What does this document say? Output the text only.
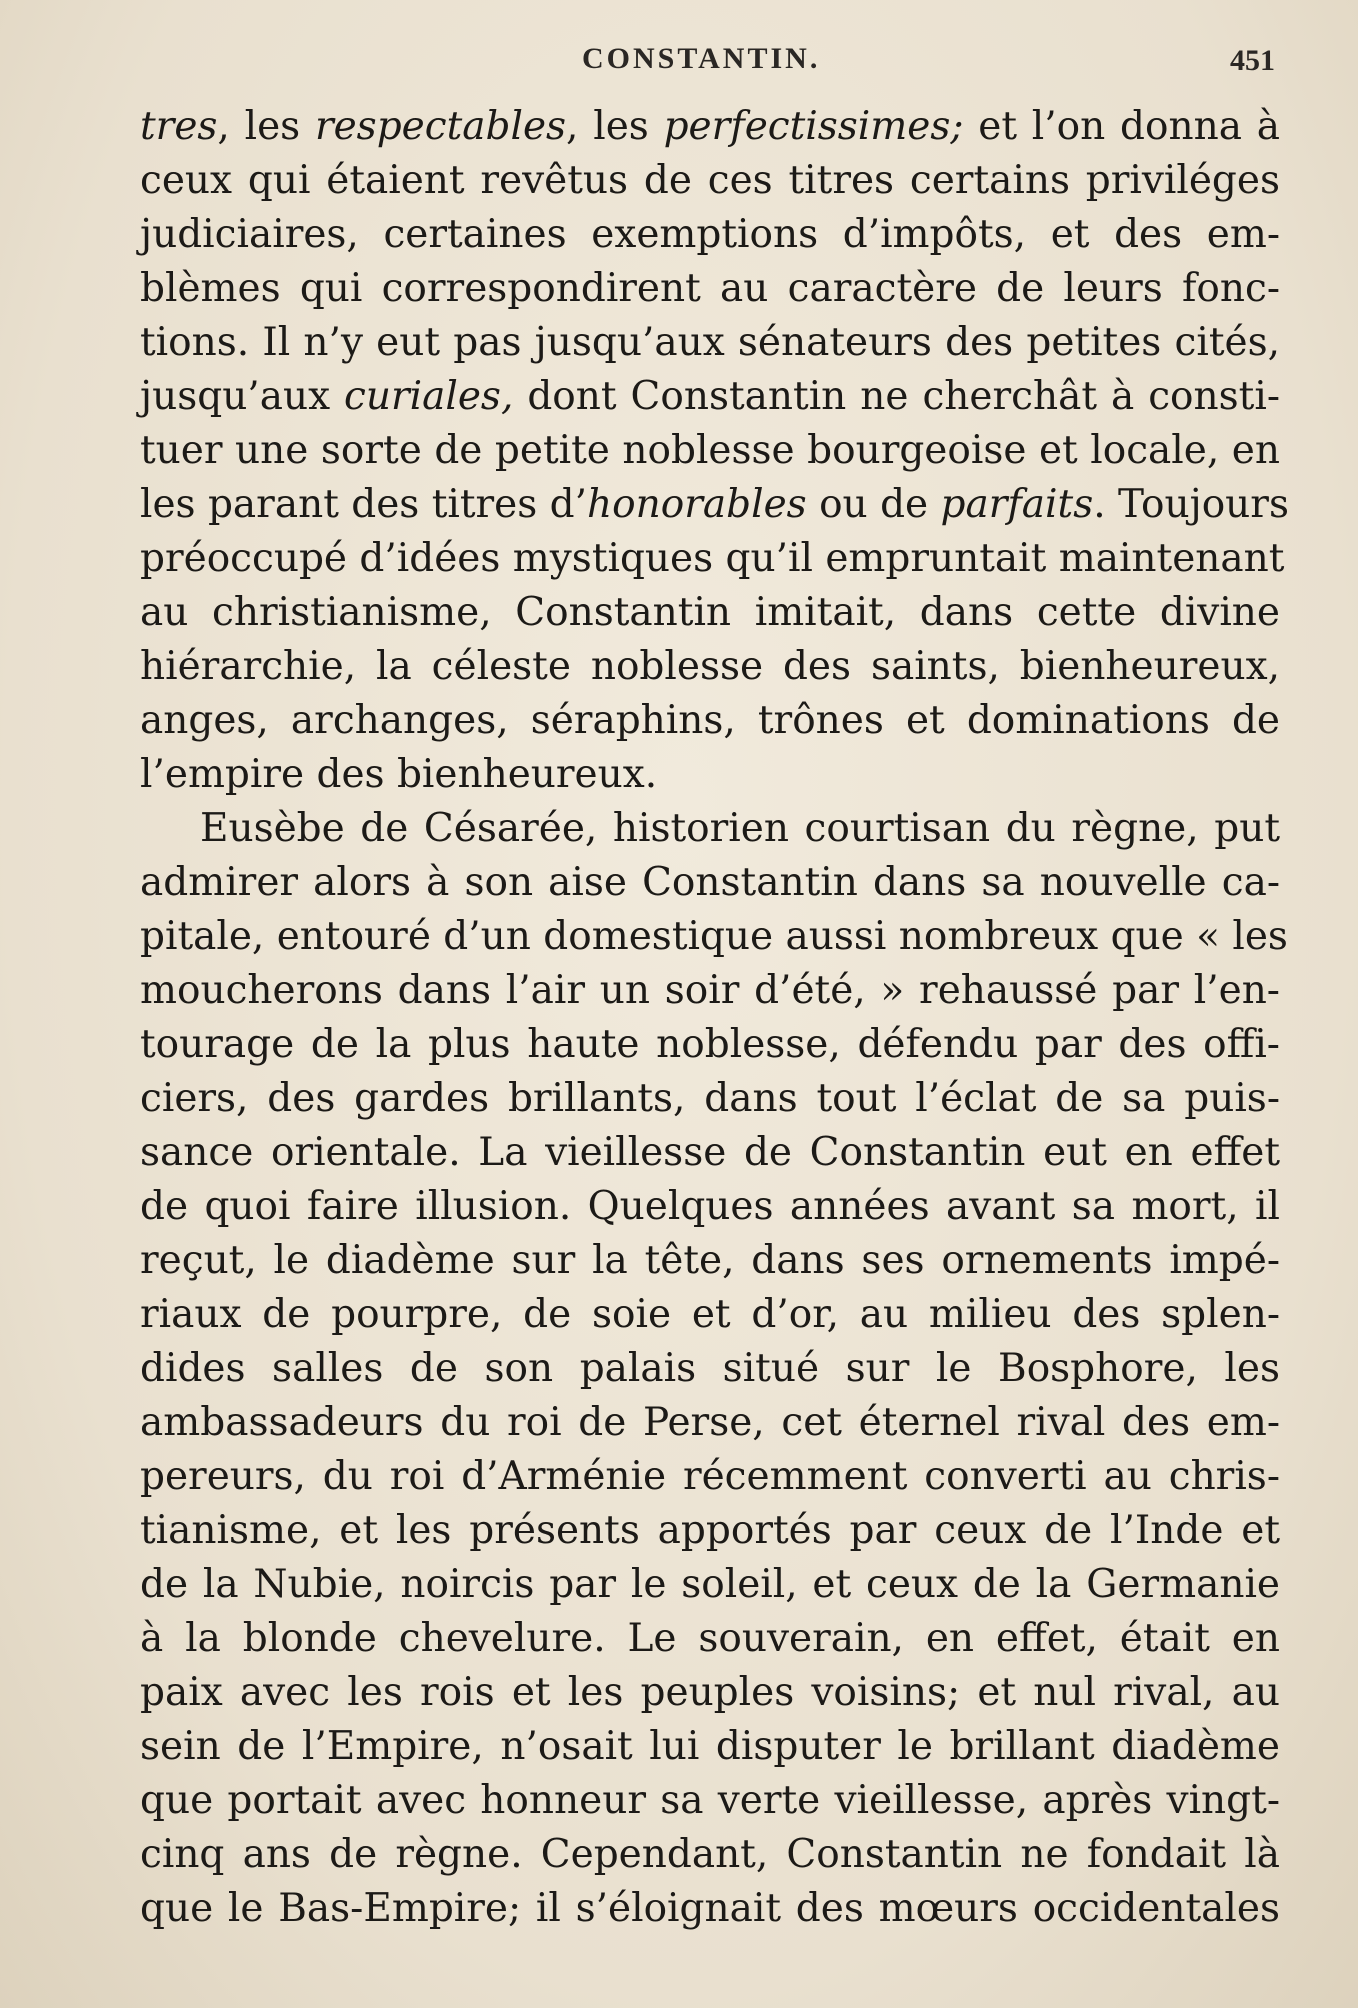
CONSTANTIN.	451
tres, les respectables, les perfectissimes; et l’on donna à
ceux qui étaient revêtus de ces titres certains priviléges
judiciaires, certaines exemptions d’impôts, et des em-
blèmes qui correspondirent au caractère de leurs fonc-
tions. Il n’y eut pas jusqu’aux sénateurs des petites cités,
jusqu’aux curiales, dont Constantin ne cherchât à consti-
tuer une sorte de petite noblesse bourgeoise et locale, en
les parant des titres d’honorables ou de parfaits. Toujours
préoccupé d’idées mystiques qu’il empruntait maintenant
au christianisme, Constantin imitait, dans cette divine
hiérarchie, la céleste noblesse des saints, bienheureux,
anges, archanges, séraphins, trônes et dominations de
l’empire des bienheureux.
Eusèbe de Césarée, historien courtisan du règne, put
admirer alors à son aise Constantin dans sa nouvelle ca-
pitale, entouré d’un domestique aussi nombreux que « les
moucherons dans l’air un soir d’été, » rehaussé par l’en-
tourage de la plus haute noblesse, défendu par des offi-
ciers, des gardes brillants, dans tout l’éclat de sa puis-
sance orientale. La vieillesse de Constantin eut en effet
de quoi faire illusion. Quelques années avant sa mort, il
reçut, le diadème sur la tête, dans ses ornements impé-
riaux de pourpre, de soie et d’or, au milieu des splen-
dides salles de son palais situé sur le Bosphore, les
ambassadeurs du roi de Perse, cet éternel rival des em-
pereurs, du roi d’Arménie récemment converti au chris-
tianisme, et les présents apportés par ceux de l’Inde et
de la Nubie, noircis par le soleil, et ceux de la Germanie
à la blonde chevelure. Le souverain, en effet, était en
paix avec les rois et les peuples voisins; et nul rival, au
sein de l’Empire, n’osait lui disputer le brillant diadème
que portait avec honneur sa verte vieillesse, après vingt-
cinq ans de règne. Cependant, Constantin ne fondait là
que le Bas-Empire; il s’éloignait des mœurs occidentales
